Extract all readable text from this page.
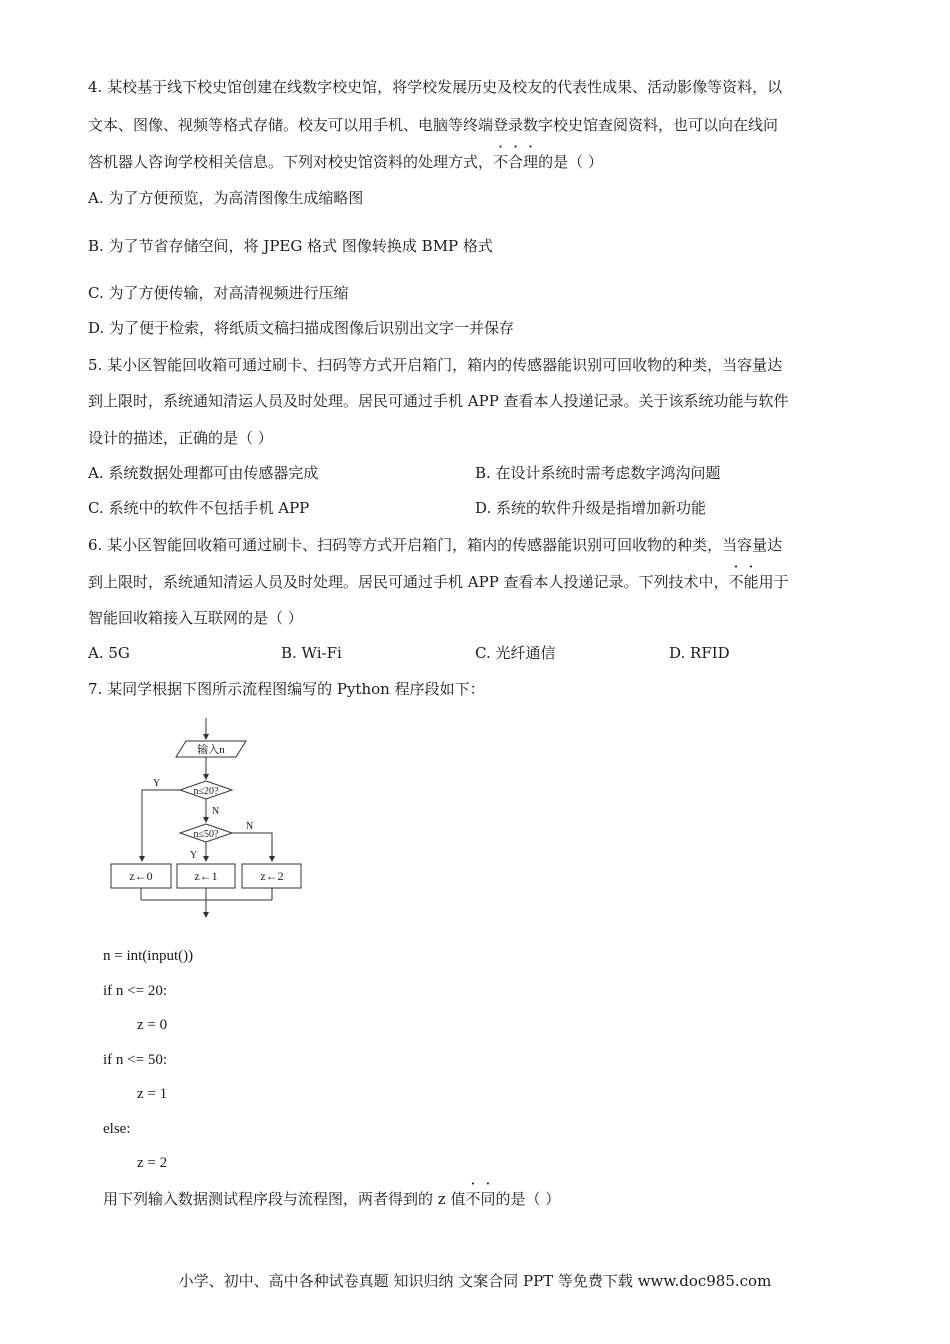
4. 某校基于线下校史馆创建在线数字校史馆，将学校发展历史及校友的代表性成果、活动影像等资料，以
文本、图像、视频等格式存储。校友可以用手机、电脑等终端登录数字校史馆查阅资料，也可以向在线问
答机器人咨询学校相关信息。下列对校史馆资料的处理方式，不合理的是（ ）
A. 为了方便预览，为高清图像生成缩略图
B. 为了节省存储空间，将 JPEG 格式 图像转换成 BMP 格式
C. 为了方便传输，对高清视频进行压缩
D. 为了便于检索，将纸质文稿扫描成图像后识别出文字一并保存
5. 某小区智能回收箱可通过刷卡、扫码等方式开启箱门，箱内的传感器能识别可回收物的种类，当容量达
到上限时，系统通知清运人员及时处理。居民可通过手机 APP 查看本人投递记录。关于该系统功能与软件
设计的描述，正确的是（ ）
A. 系统数据处理都可由传感器完成	B. 在设计系统时需考虑数字鸿沟问题
C. 系统中的软件不包括手机 APP	D. 系统的软件升级是指增加新功能
6. 某小区智能回收箱可通过刷卡、扫码等方式开启箱门，箱内的传感器能识别可回收物的种类，当容量达
到上限时，系统通知清运人员及时处理。居民可通过手机 APP 查看本人投递记录。下列技术中，不能用于
智能回收箱接入互联网的是（ ）
A. 5G	B. Wi-Fi	C. 光纤通信	D. RFID
7. 某同学根据下图所示流程图编写的 Python 程序段如下：
输入n
n≤20?
n≤50?
Y
N
N
Y
z←0	z←1	z←2
n = int(input())
if n <= 20:
z = 0
if n <= 50:
z = 1
else:
z = 2
用下列输入数据测试程序段与流程图，两者得到的 z 值不同的是（ ）
小学、初中、高中各种试卷真题 知识归纳 文案合同 PPT 等免费下载 www.doc985.com
